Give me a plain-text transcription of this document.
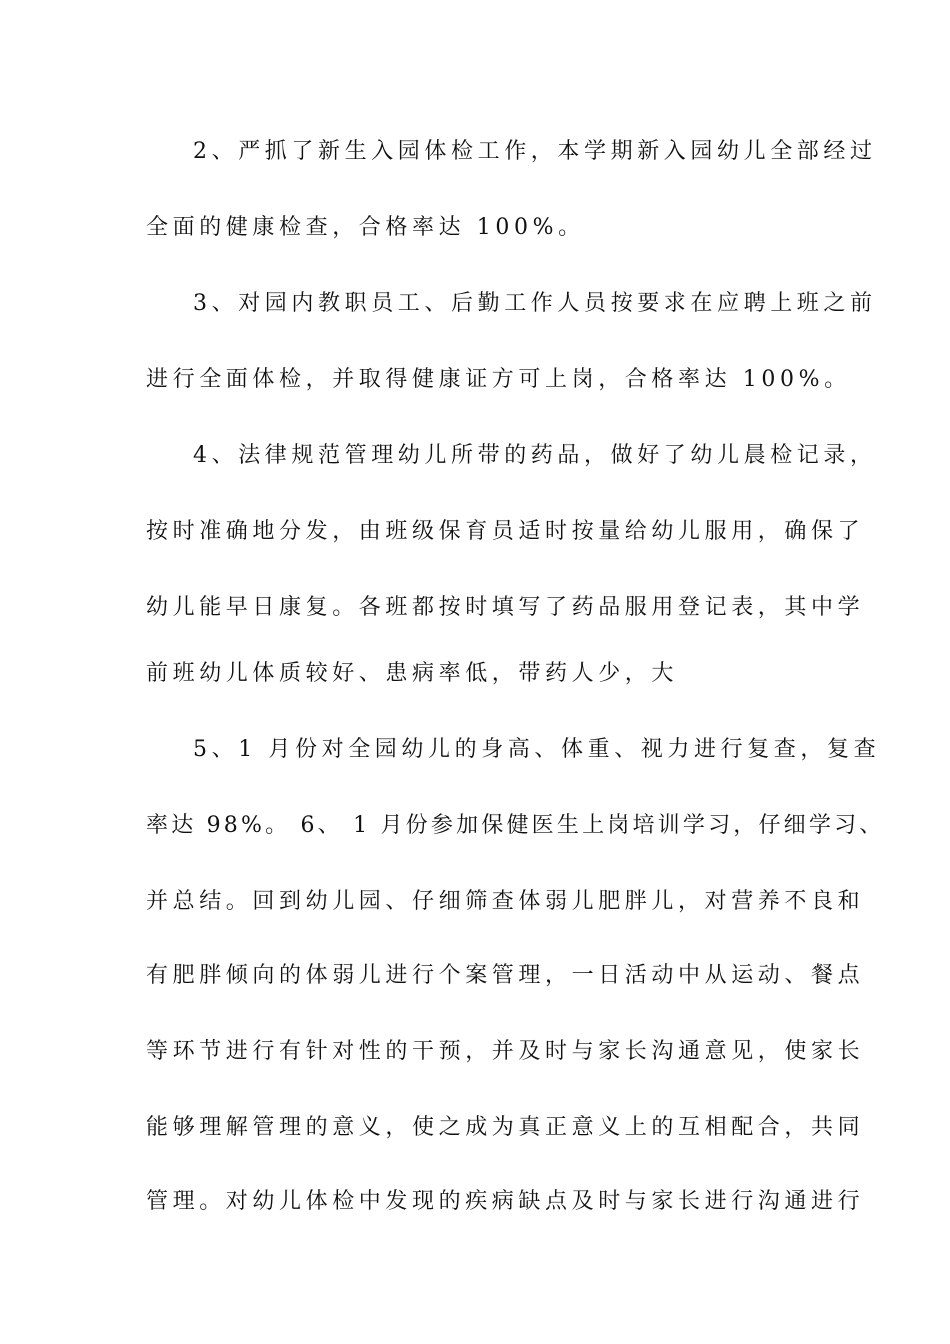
2、严抓了新生入园体检工作，本学期新入园幼儿全部经过
全面的健康检查，合格率达 100%。
3、对园内教职员工、后勤工作人员按要求在应聘上班之前
进行全面体检，并取得健康证方可上岗，合格率达 100%。
4、法律规范管理幼儿所带的药品，做好了幼儿晨检记录，
按时准确地分发，由班级保育员适时按量给幼儿服用，确保了
幼儿能早日康复。各班都按时填写了药品服用登记表，其中学
前班幼儿体质较好、患病率低，带药人少，大
5、1 月份对全园幼儿的身高、体重、视力进行复查，复查
率达 98%。 6、 1 月份参加保健医生上岗培训学习，仔细学习、
并总结。回到幼儿园、仔细筛查体弱儿肥胖儿，对营养不良和
有肥胖倾向的体弱儿进行个案管理，一日活动中从运动、餐点
等环节进行有针对性的干预，并及时与家长沟通意见，使家长
能够理解管理的意义，使之成为真正意义上的互相配合，共同
管理。对幼儿体检中发现的疾病缺点及时与家长进行沟通进行
